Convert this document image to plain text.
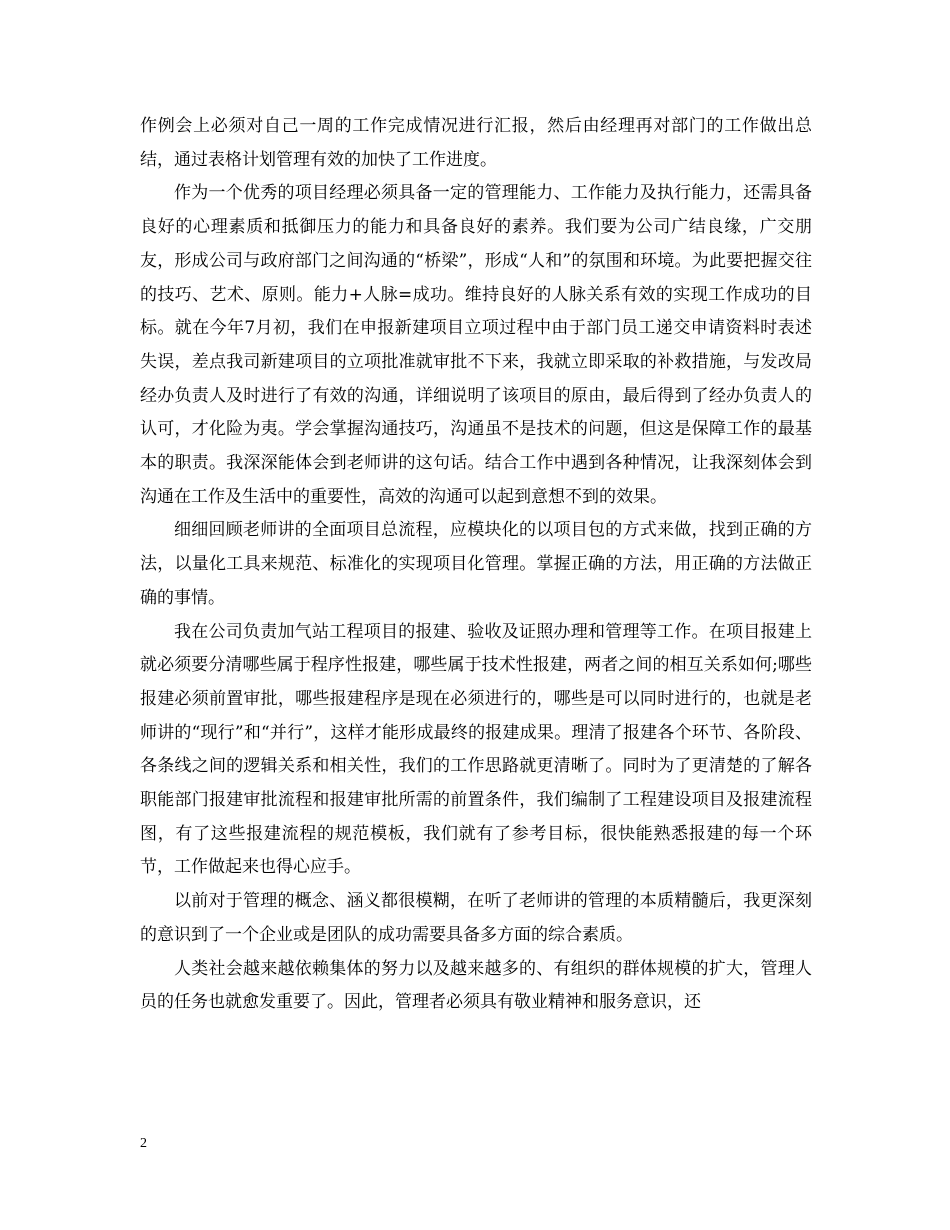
作例会上必须对自己一周的工作完成情况进行汇报，然后由经理再对部门的工作做出总结，通过表格计划管理有效的加快了工作进度。

作为一个优秀的项目经理必须具备一定的管理能力、工作能力及执行能力，还需具备良好的心理素质和抵御压力的能力和具备良好的素养。我们要为公司广结良缘，广交朋友，形成公司与政府部门之间沟通的“桥梁”，形成“人和”的氛围和环境。为此要把握交往的技巧、艺术、原则。能力+人脉=成功。维持良好的人脉关系有效的实现工作成功的目标。就在今年7月初，我们在申报新建项目立项过程中由于部门员工递交申请资料时表述失误，差点我司新建项目的立项批准就审批不下来，我就立即采取的补救措施，与发改局经办负责人及时进行了有效的沟通，详细说明了该项目的原由，最后得到了经办负责人的认可，才化险为夷。学会掌握沟通技巧，沟通虽不是技术的问题，但这是保障工作的最基本的职责。我深深能体会到老师讲的这句话。结合工作中遇到各种情况，让我深刻体会到沟通在工作及生活中的重要性，高效的沟通可以起到意想不到的效果。

细细回顾老师讲的全面项目总流程，应模块化的以项目包的方式来做，找到正确的方法，以量化工具来规范、标准化的实现项目化管理。掌握正确的方法，用正确的方法做正确的事情。

我在公司负责加气站工程项目的报建、验收及证照办理和管理等工作。在项目报建上就必须要分清哪些属于程序性报建，哪些属于技术性报建，两者之间的相互关系如何;哪些报建必须前置审批，哪些报建程序是现在必须进行的，哪些是可以同时进行的，也就是老师讲的“现行”和“并行”，这样才能形成最终的报建成果。理清了报建各个环节、各阶段、各条线之间的逻辑关系和相关性，我们的工作思路就更清晰了。同时为了更清楚的了解各职能部门报建审批流程和报建审批所需的前置条件，我们编制了工程建设项目及报建流程图，有了这些报建流程的规范模板，我们就有了参考目标，很快能熟悉报建的每一个环节，工作做起来也得心应手。

以前对于管理的概念、涵义都很模糊，在听了老师讲的管理的本质精髓后，我更深刻的意识到了一个企业或是团队的成功需要具备多方面的综合素质。

人类社会越来越依赖集体的努力以及越来越多的、有组织的群体规模的扩大，管理人员的任务也就愈发重要了。因此，管理者必须具有敬业精神和服务意识，还

2
